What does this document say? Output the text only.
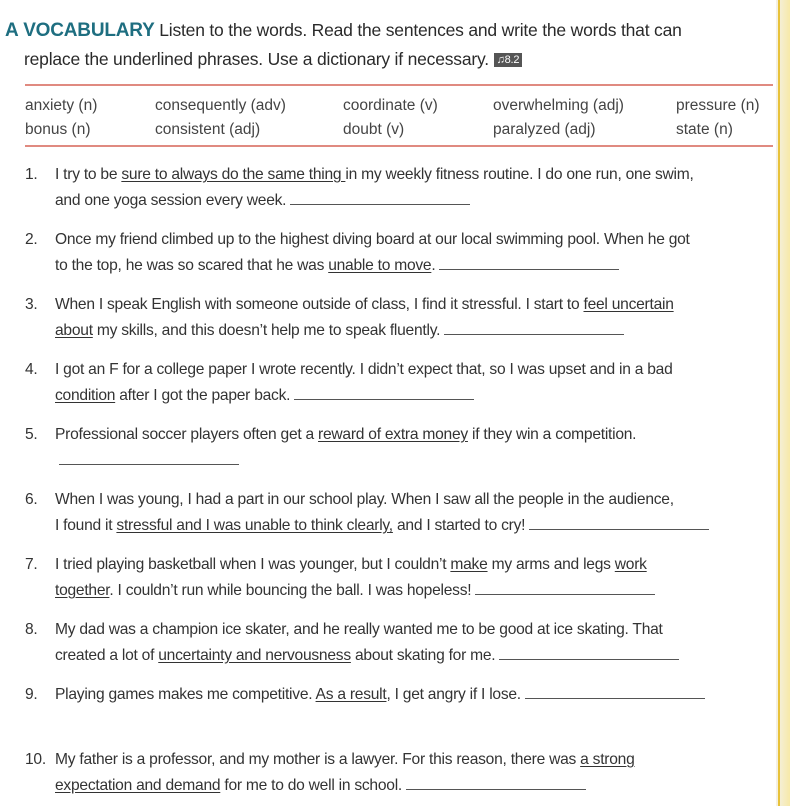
A VOCABULARY Listen to the words. Read the sentences and write the words that can
replace the underlined phrases. Use a dictionary if necessary. ♫8.2
anxiety (n)	consequently (adv)	coordinate (v)	overwhelming (adj)	pressure (n)
bonus (n)	consistent (adj)	doubt (v)	paralyzed (adj)	state (n)
1. I try to be sure to always do the same thing in my weekly fitness routine. I do one run, one swim,
and one yoga session every week.
2. Once my friend climbed up to the highest diving board at our local swimming pool. When he got
to the top, he was so scared that he was unable to move.
3. When I speak English with someone outside of class, I find it stressful. I start to feel uncertain
about my skills, and this doesn’t help me to speak fluently.
4. I got an F for a college paper I wrote recently. I didn’t expect that, so I was upset and in a bad
condition after I got the paper back.
5. Professional soccer players often get a reward of extra money if they win a competition.
6. When I was young, I had a part in our school play. When I saw all the people in the audience,
I found it stressful and I was unable to think clearly, and I started to cry!
7. I tried playing basketball when I was younger, but I couldn’t make my arms and legs work
together. I couldn’t run while bouncing the ball. I was hopeless!
8. My dad was a champion ice skater, and he really wanted me to be good at ice skating. That
created a lot of uncertainty and nervousness about skating for me.
9. Playing games makes me competitive. As a result, I get angry if I lose.
10. My father is a professor, and my mother is a lawyer. For this reason, there was a strong
expectation and demand for me to do well in school.
